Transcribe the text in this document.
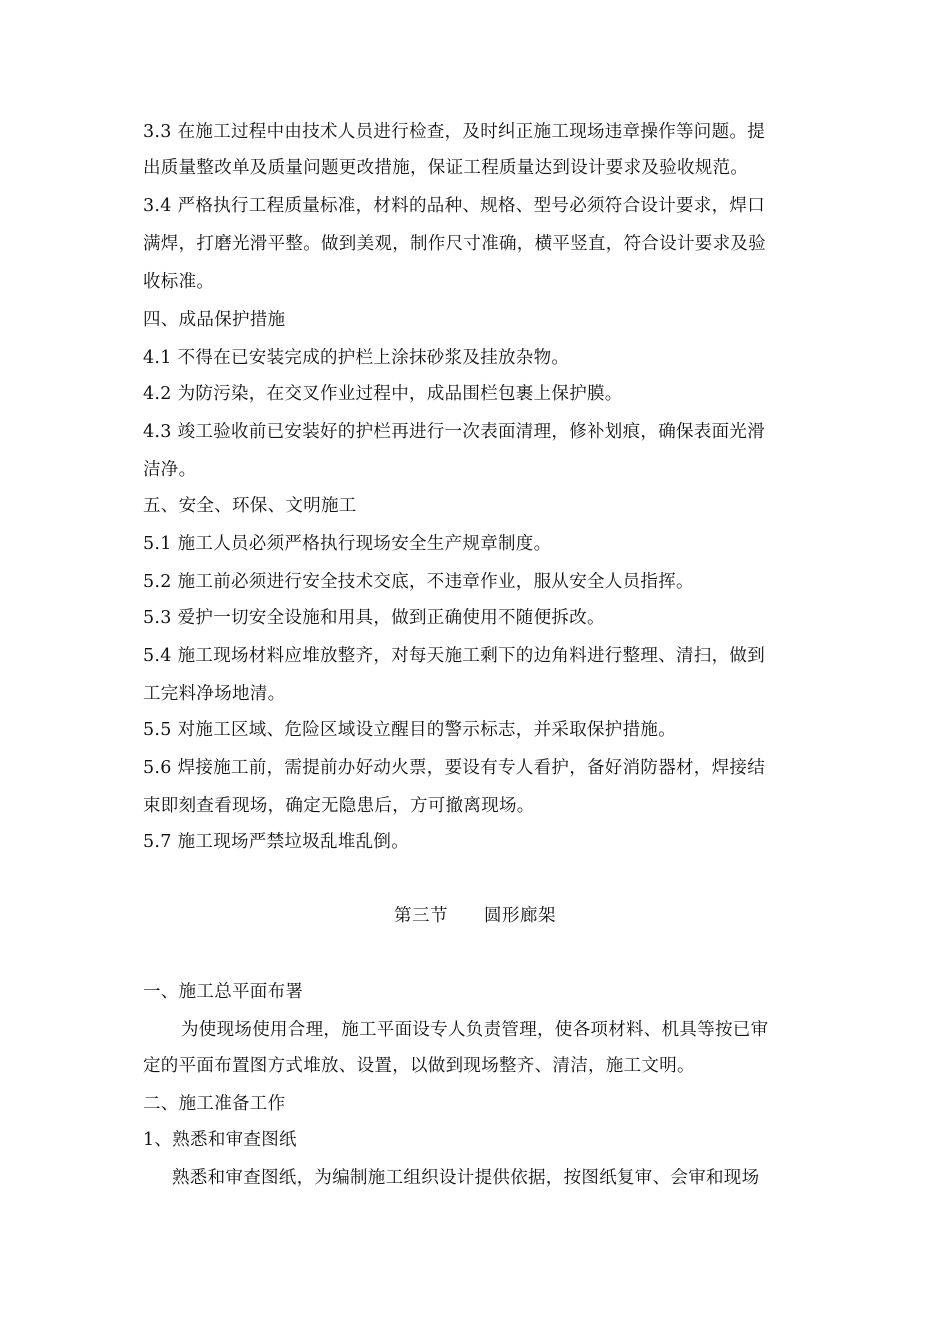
3.3 在施工过程中由技术人员进行检查，及时纠正施工现场违章操作等问题。提
出质量整改单及质量问题更改措施，保证工程质量达到设计要求及验收规范。
3.4 严格执行工程质量标准，材料的品种、规格、型号必须符合设计要求，焊口
满焊，打磨光滑平整。做到美观，制作尺寸准确，横平竖直，符合设计要求及验
收标准。
四、成品保护措施
4.1 不得在已安装完成的护栏上涂抹砂浆及挂放杂物。
4.2 为防污染，在交叉作业过程中，成品围栏包裹上保护膜。
4.3 竣工验收前已安装好的护栏再进行一次表面清理，修补划痕，确保表面光滑
洁净。
五、安全、环保、文明施工
5.1 施工人员必须严格执行现场安全生产规章制度。
5.2 施工前必须进行安全技术交底，不违章作业，服从安全人员指挥。
5.3 爱护一切安全设施和用具，做到正确使用不随便拆改。
5.4 施工现场材料应堆放整齐，对每天施工剩下的边角料进行整理、清扫，做到
工完料净场地清。
5.5 对施工区域、危险区域设立醒目的警示标志，并采取保护措施。
5.6 焊接施工前，需提前办好动火票，要设有专人看护，备好消防器材，焊接结
束即刻查看现场，确定无隐患后，方可撤离现场。
5.7 施工现场严禁垃圾乱堆乱倒。
第三节 圆形廊架
一、施工总平面布署
为使现场使用合理，施工平面设专人负责管理，使各项材料、机具等按已审
定的平面布置图方式堆放、设置，以做到现场整齐、清洁，施工文明。
二、施工准备工作
1、熟悉和审查图纸
熟悉和审查图纸，为编制施工组织设计提供依据，按图纸复审、会审和现场
